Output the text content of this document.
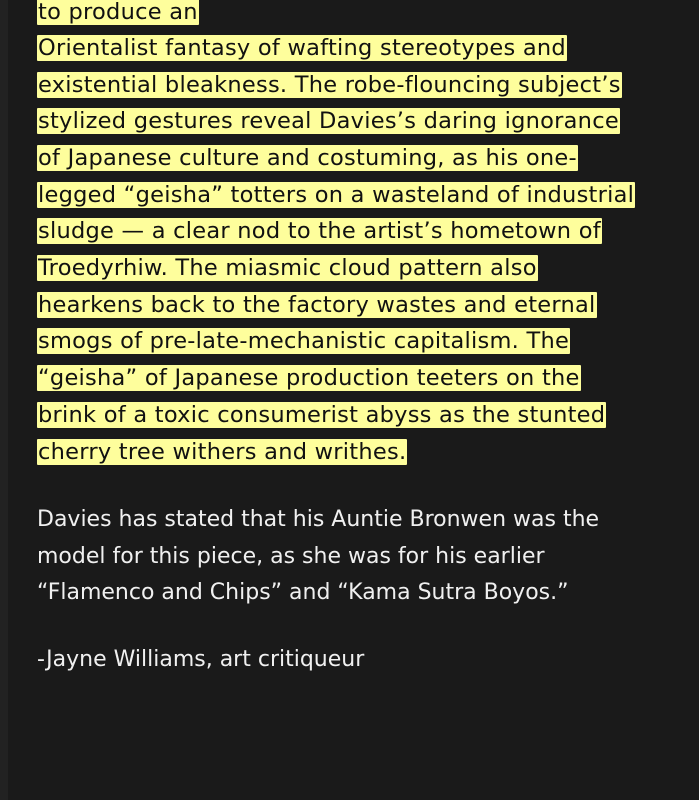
to produce an
Orientalist fantasy of wafting stereotypes and
existential bleakness. The robe-flouncing subject’s
stylized gestures reveal Davies’s daring ignorance
of Japanese culture and costuming, as his one-
legged “geisha” totters on a wasteland of industrial
sludge — a clear nod to the artist’s hometown of
Troedyrhiw. The miasmic cloud pattern also
hearkens back to the factory wastes and eternal
smogs of pre-late-mechanistic capitalism. The
“geisha” of Japanese production teeters on the
brink of a toxic consumerist abyss as the stunted
cherry tree withers and writhes.

Davies has stated that his Auntie Bronwen was the
model for this piece, as she was for his earlier
“Flamenco and Chips” and “Kama Sutra Boyos.”

-Jayne Williams, art critiqueur
